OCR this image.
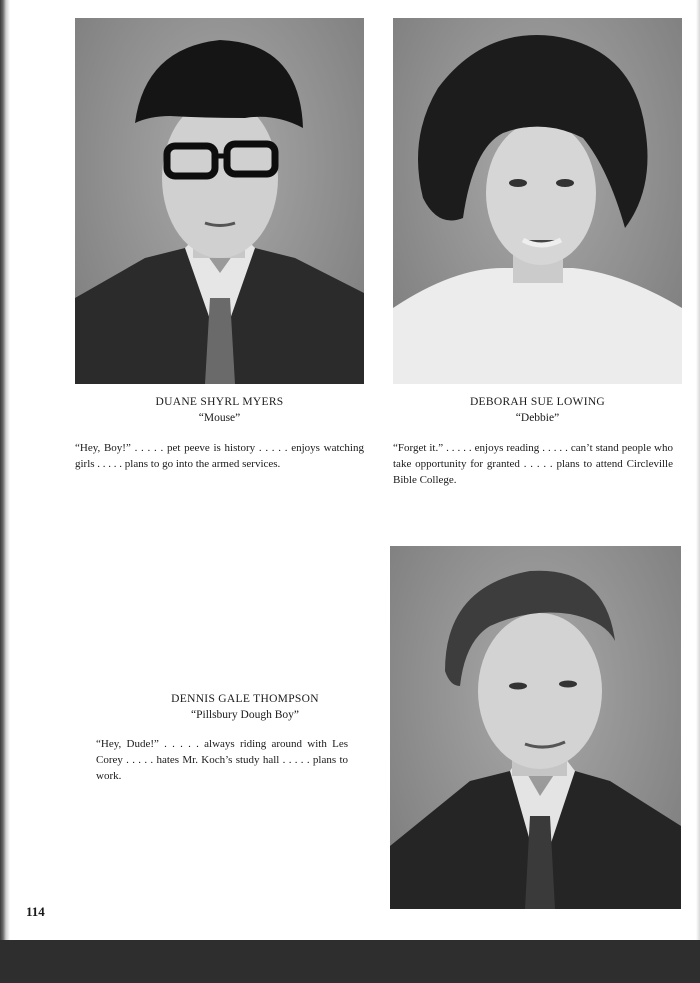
DUANE SHYRL MYERS
“Mouse”
“Hey, Boy!” . . . . . pet peeve is history . . . . . enjoys watching girls . . . . . plans to go into the armed services.
DEBORAH SUE LOWING
“Debbie”
“Forget it.” . . . . . enjoys reading . . . . . can’t stand people who take opportunity for granted . . . . . plans to attend Circleville Bible College.
DENNIS GALE THOMPSON
“Pillsbury Dough Boy”
“Hey, Dude!” . . . . . always riding around with Les Corey . . . . . hates Mr. Koch’s study hall . . . . . plans to work.
114
